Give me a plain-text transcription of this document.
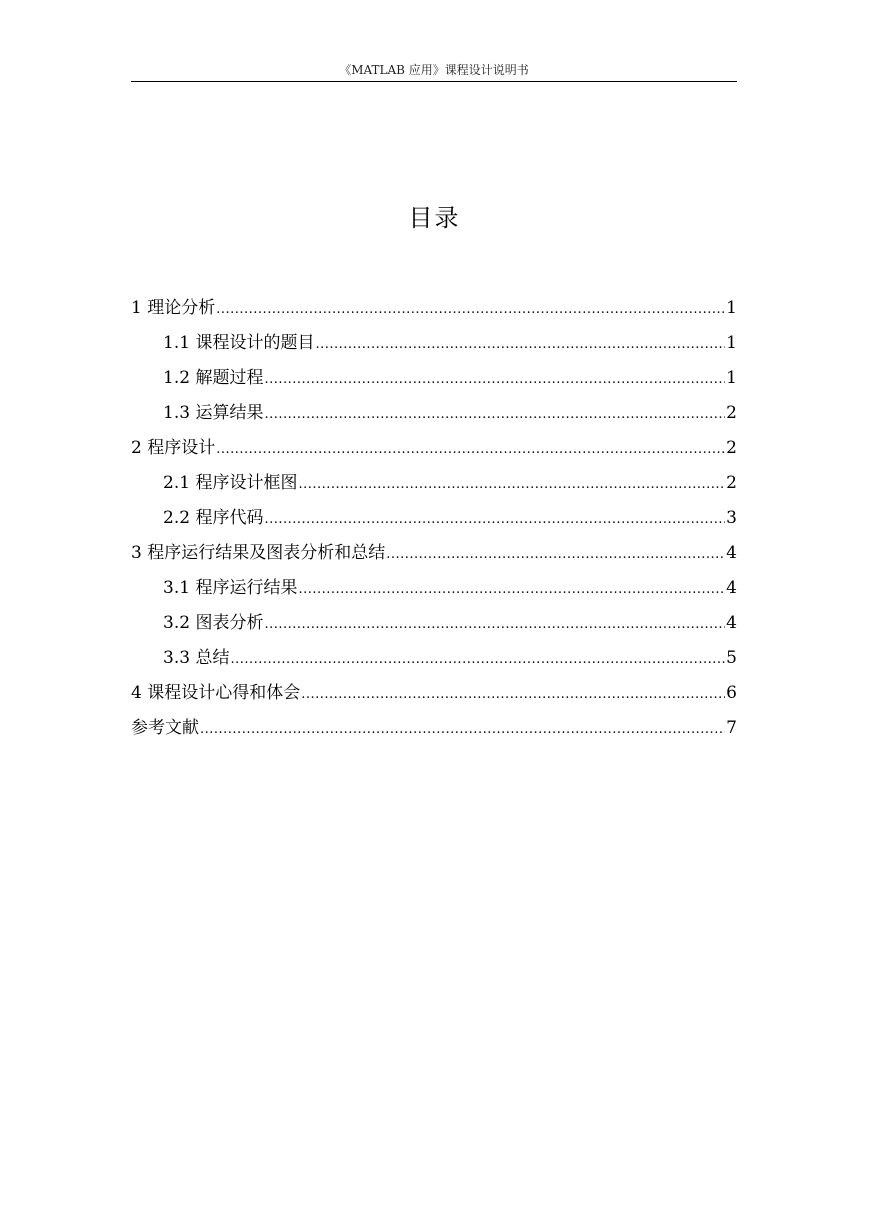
《MATLAB 应用》课程设计说明书
目录
1 理论分析 .....	1
1.1 课程设计的题目 .....	1
1.2 解题过程 .....	1
1.3 运算结果 .....	2
2 程序设计 .....	2
2.1 程序设计框图 .....	2
2.2 程序代码 .....	3
3 程序运行结果及图表分析和总结 .....	4
3.1 程序运行结果 .....	4
3.2 图表分析 .....	4
3.3 总结 .....	5
4 课程设计心得和体会 .....	6
参考文献 .....	7
